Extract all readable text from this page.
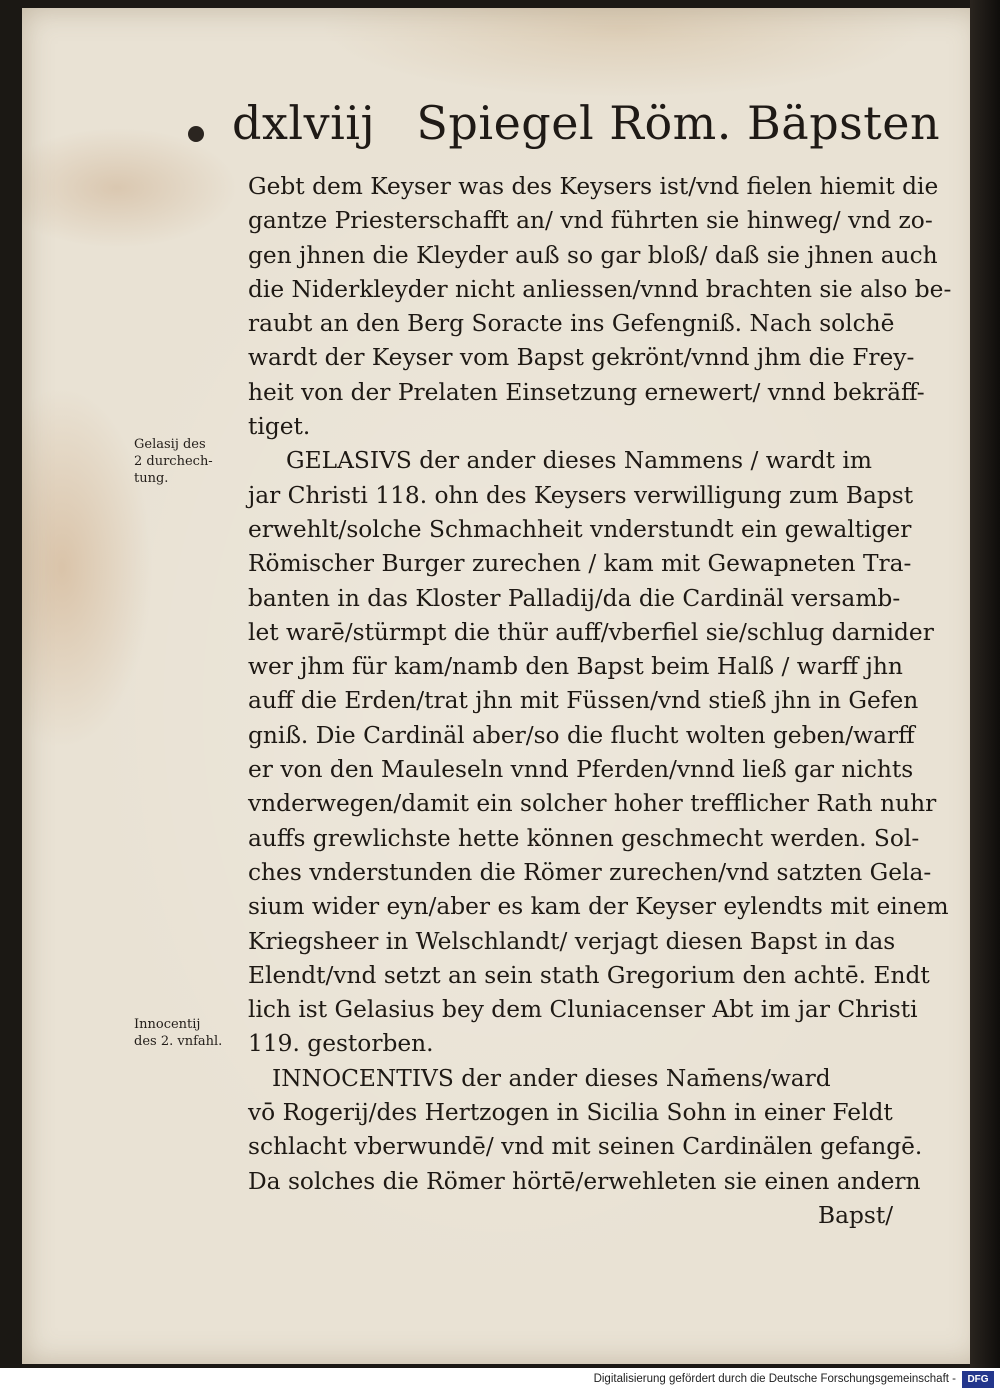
dxlviij Spiegel Röm. Bäpsten
Gebt dem Keyser was des Keysers ist/vnd fielen hiemit die
gantze Priesterschafft an/ vnd führten sie hinweg/ vnd zo-
gen jhnen die Kleyder auß so gar bloß/ daß sie jhnen auch
die Niderkleyder nicht anliessen/vnnd brachten sie also be-
raubt an den Berg Soracte ins Gefengniß. Nach solchē
wardt der Keyser vom Bapst gekrönt/vnnd jhm die Frey-
heit von der Prelaten Einsetzung ernewert/ vnnd bekräff-
tiget.
GELASIVS der ander dieses Nammens / wardt im
jar Christi 118. ohn des Keysers verwilligung zum Bapst
erwehlt/solche Schmachheit vnderstundt ein gewaltiger
Römischer Burger zurechen / kam mit Gewapneten Tra-
banten in das Kloster Palladij/da die Cardinäl versamb-
let warē/stürmpt die thür auff/vberfiel sie/schlug darnider
wer jhm für kam/namb den Bapst beim Halß / warff jhn
auff die Erden/trat jhn mit Füssen/vnd stieß jhn in Gefen
gniß. Die Cardinäl aber/so die flucht wolten geben/warff
er von den Mauleseln vnnd Pferden/vnnd ließ gar nichts
vnderwegen/damit ein solcher hoher trefflicher Rath nuhr
auffs grewlichste hette können geschmecht werden. Sol-
ches vnderstunden die Römer zurechen/vnd satzten Gela-
sium wider eyn/aber es kam der Keyser eylendts mit einem
Kriegsheer in Welschlandt/ verjagt diesen Bapst in das
Elendt/vnd setzt an sein stath Gregorium den achtē. Endt
lich ist Gelasius bey dem Cluniacenser Abt im jar Christi
119. gestorben.
INNOCENTIVS der ander dieses Nam̄ens/ward
vō Rogerij/des Hertzogen in Sicilia Sohn in einer Feldt
schlacht vberwundē/ vnd mit seinen Cardinälen gefangē.
Da solches die Römer hörtē/erwehleten sie einen andern
Bapst/
Gelasij des
2 durchech-
tung.
Innocentij
des 2. vnfahl.
Digitalisierung gefördert durch die Deutsche Forschungsgemeinschaft -	DFG
